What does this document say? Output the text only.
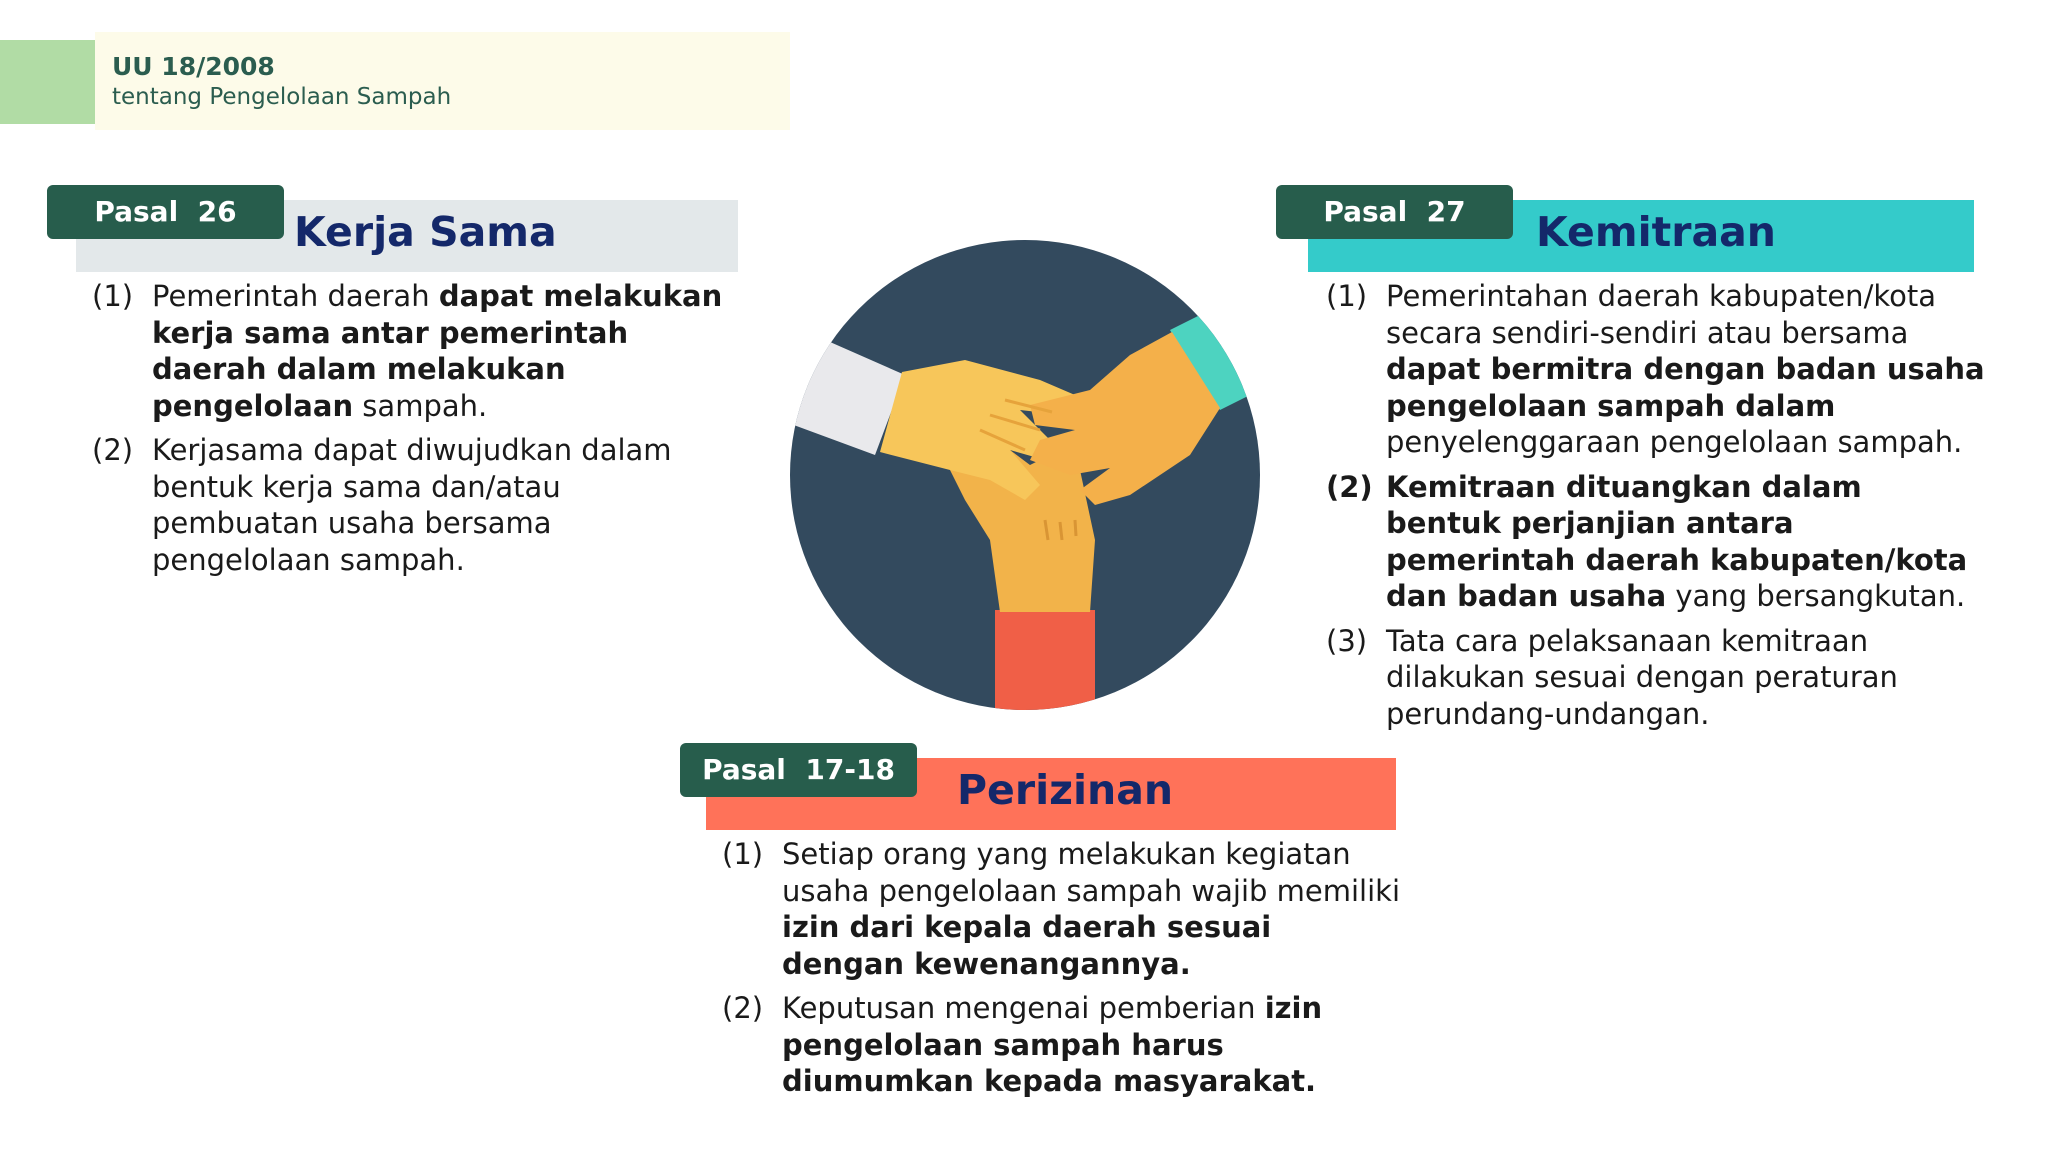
UU 18/2008
tentang Pengelolaan Sampah
Pasal  26	Kerja Sama
(1) Pemerintah daerah dapat melakukan kerja sama antar pemerintah daerah dalam melakukan pengelolaan sampah.
(2) Kerjasama dapat diwujudkan dalam bentuk kerja sama dan/atau pembuatan usaha bersama pengelolaan sampah.
Pasal  27	Kemitraan
(1) Pemerintahan daerah kabupaten/kota secara sendiri-sendiri atau bersama dapat bermitra dengan badan usaha pengelolaan sampah dalam penyelenggaraan pengelolaan sampah.
(2) Kemitraan dituangkan dalam bentuk perjanjian antara pemerintah daerah kabupaten/kota dan badan usaha yang bersangkutan.
(3) Tata cara pelaksanaan kemitraan dilakukan sesuai dengan peraturan perundang-undangan.
Pasal  17-18	Perizinan
(1) Setiap orang yang melakukan kegiatan usaha pengelolaan sampah wajib memiliki izin dari kepala daerah sesuai dengan kewenangannya.
(2) Keputusan mengenai pemberian izin pengelolaan sampah harus diumumkan kepada masyarakat.
